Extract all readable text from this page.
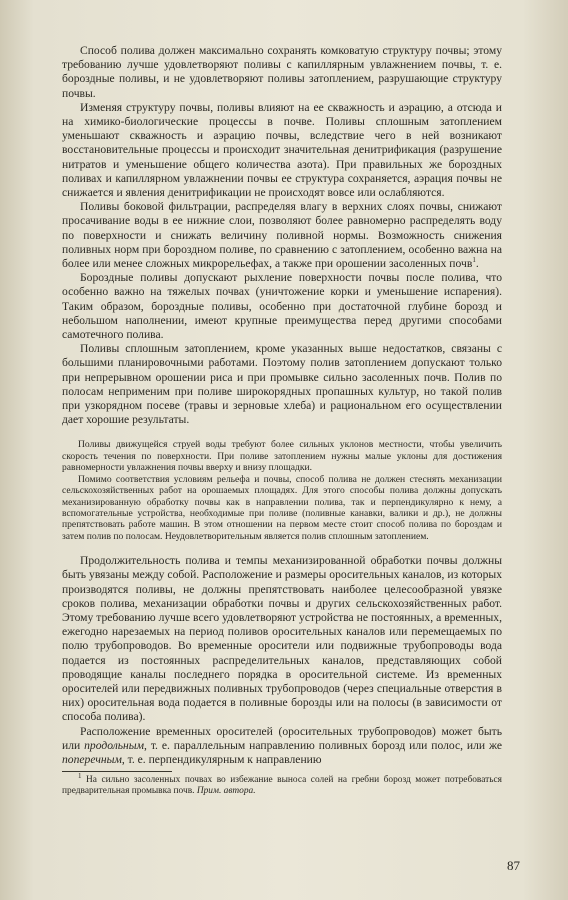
Способ полива должен максимально сохранять комковатую структуру почвы; этому требованию лучше удовлетворяют поливы с капиллярным увлажнением почвы, т. е. бороздные поливы, и не удовлетворяют поливы затоплением, разрушающие структуру почвы.

Изменяя структуру почвы, поливы влияют на ее скважность и аэрацию, а отсюда и на химико-биологические процессы в почве. Поливы сплошным затоплением уменьшают скважность и аэрацию почвы, вследствие чего в ней возникают восстановительные процессы и происходит значительная денитрификация (разрушение нитратов и уменьшение общего количества азота). При правильных же бороздных поливах и капиллярном увлажнении почвы ее структура сохраняется, аэрация почвы не снижается и явления денитрификации не происходят вовсе или ослабляются.

Поливы боковой фильтрации, распределяя влагу в верхних слоях почвы, снижают просачивание воды в ее нижние слои, позволяют более равномерно распределять воду по поверхности и снижать величину поливной нормы. Возможность снижения поливных норм при бороздном поливе, по сравнению с затоплением, особенно важна на более или менее сложных микрорельефах, а также при орошении засоленных почв$^1$.

Бороздные поливы допускают рыхление поверхности почвы после полива, что особенно важно на тяжелых почвах (уничтожение корки и уменьшение испарения). Таким образом, бороздные поливы, особенно при достаточной глубине борозд и небольшом наполнении, имеют крупные преимущества перед другими способами самотечного полива.

Поливы сплошным затоплением, кроме указанных выше недостатков, связаны с большими планировочными работами. Поэтому полив затоплением допускают только при непрерывном орошении риса и при промывке сильно засоленных почв. Полив по полосам неприменим при поливе широкорядных пропашных культур, но такой полив при узкорядном посеве (травы и зерновые хлеба) и рациональном его осуществлении дает хорошие результаты.

Поливы движущейся струей воды требуют более сильных уклонов местности, чтобы увеличить скорость течения по поверхности. При поливе затоплением нужны малые уклоны для достижения равномерности увлажнения почвы вверху и внизу площадки.

Помимо соответствия условиям рельефа и почвы, способ полива не должен стеснять механизации сельскохозяйственных работ на орошаемых площадях. Для этого способы полива должны допускать механизированную обработку почвы как в направлении полива, так и перпендикулярно к нему, а вспомогательные устройства, необходимые при поливе (поливные канавки, валики и др.), не должны препятствовать работе машин. В этом отношении на первом месте стоит способ полива по бороздам и затем полив по полосам. Неудовлетворительным является полив сплошным затоплением.

Продолжительность полива и темпы механизированной обработки почвы должны быть увязаны между собой. Расположение и размеры оросительных каналов, из которых производятся поливы, не должны препятствовать наиболее целесообразной увязке сроков полива, механизации обработки почвы и других сельскохозяйственных работ. Этому требованию лучше всего удовлетворяют устройства не постоянных, а временных, ежегодно нарезаемых на период поливов оросительных каналов или перемещаемых по полю трубопроводов. Во временные оросители или подвижные трубопроводы вода подается из постоянных распределительных каналов, представляющих собой проводящие каналы последнего порядка в оросительной системе. Из временных оросителей или передвижных поливных трубопроводов (через специальные отверстия в них) оросительная вода подается в поливные борозды или на полосы (в зависимости от способа полива).

Расположение временных оросителей (оросительных трубопроводов) может быть или продольным, т. е. параллельным направлению поливных борозд или полос, или же поперечным, т. е. перпендикулярным к направлению

$^1$ На сильно засоленных почвах во избежание выноса солей на гребни борозд может потребоваться предварительная промывка почв. Прим. автора.

87
